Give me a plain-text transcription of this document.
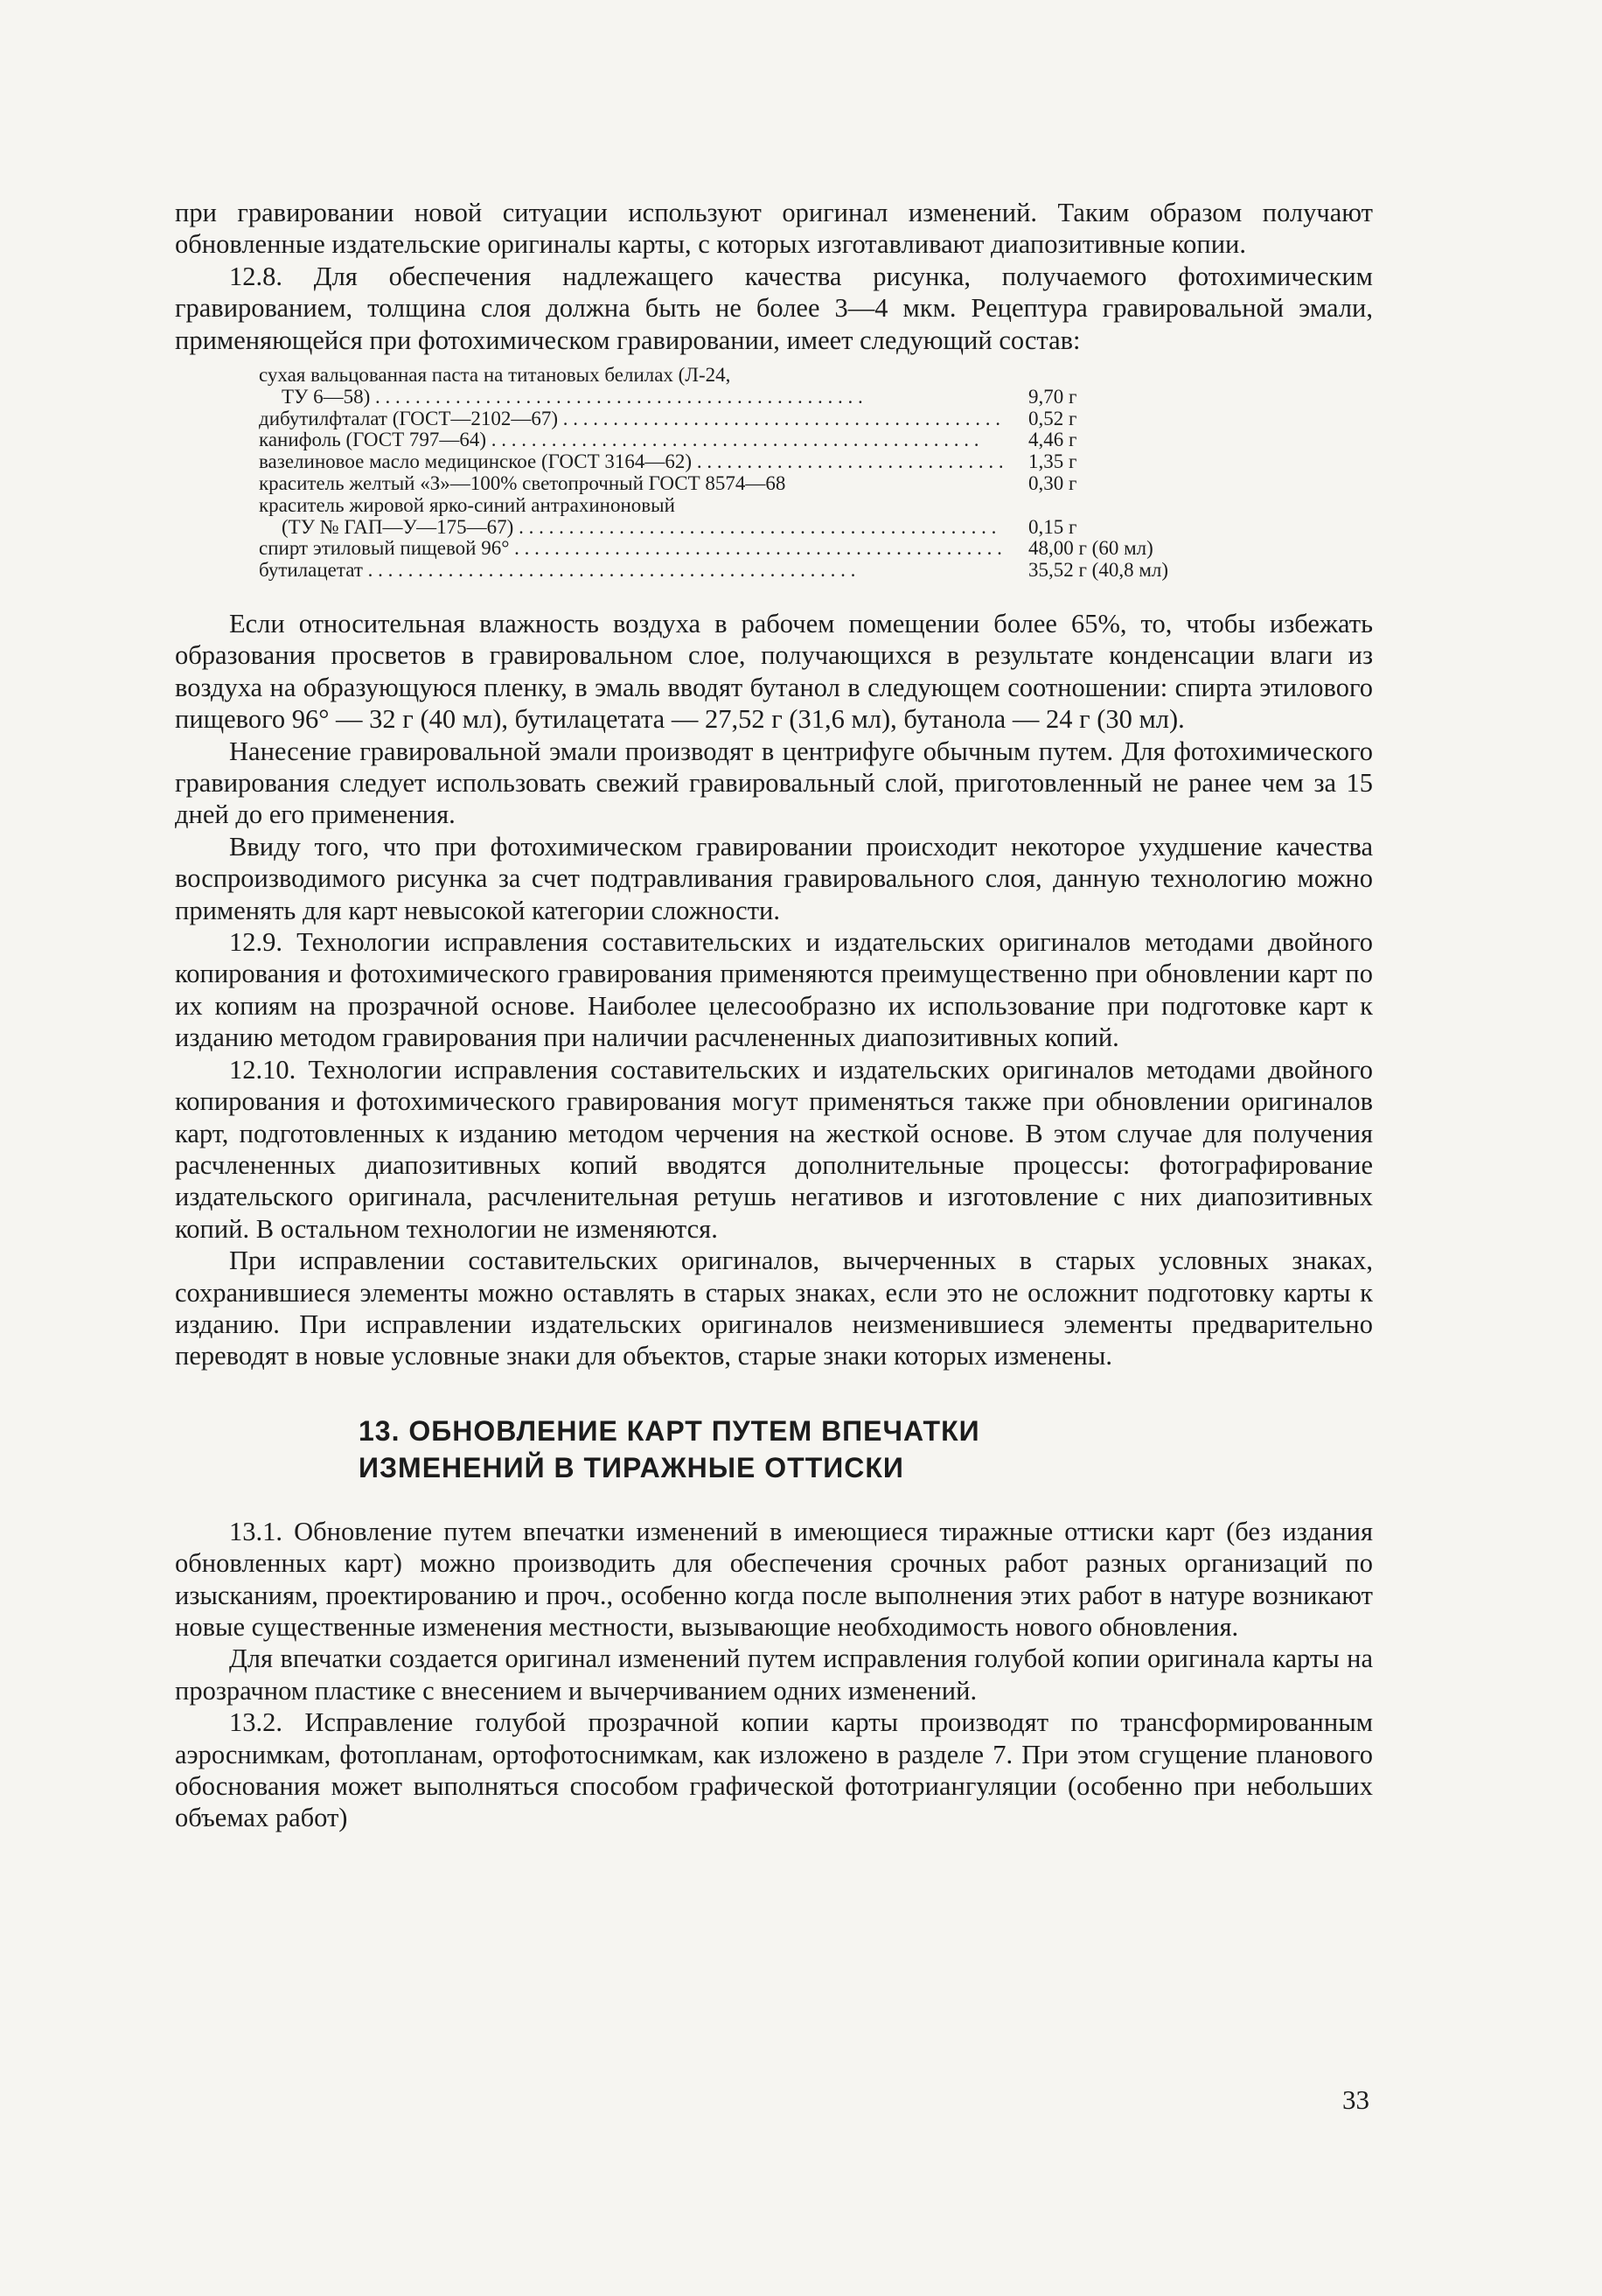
при гравировании новой ситуации используют оригинал изменений. Таким образом получают обновленные издательские оригиналы карты, с которых изготавливают диапозитивные копии.

12.8. Для обеспечения надлежащего качества рисунка, получаемого фотохимическим гравированием, толщина слоя должна быть не более 3—4 мкм. Рецептура гравировальной эмали, применяющейся при фотохимическом гравировании, имеет следующий состав:

сухая вальцованная паста на титановых белилах (Л-24,
ТУ 6—58) . . .	9,70 г
дибутилфталат (ГОСТ—2102—67) . . .	0,52 г
канифоль (ГОСТ 797—64) . . .	4,46 г
вазелиновое масло медицинское (ГОСТ 3164—62) . . .	1,35 г
краситель желтый «З»—100% светопрочный ГОСТ 8574—68	0,30 г
краситель жировой ярко-синий антрахиноновый
(ТУ № ГАП—У—175—67) . . .	0,15 г
спирт этиловый пищевой 96° . . .	48,00 г (60 мл)
бутилацетат . . .	35,52 г (40,8 мл)

Если относительная влажность воздуха в рабочем помещении более 65%, то, чтобы избежать образования просветов в гравировальном слое, получающихся в результате конденсации влаги из воздуха на образующуюся пленку, в эмаль вводят бутанол в следующем соотношении: спирта этилового пищевого 96° — 32 г (40 мл), бутилацетата — 27,52 г (31,6 мл), бутанола — 24 г (30 мл).

Нанесение гравировальной эмали производят в центрифуге обычным путем. Для фотохимического гравирования следует использовать свежий гравировальный слой, приготовленный не ранее чем за 15 дней до его применения.

Ввиду того, что при фотохимическом гравировании происходит некоторое ухудшение качества воспроизводимого рисунка за счет подтравливания гравировального слоя, данную технологию можно применять для карт невысокой категории сложности.

12.9. Технологии исправления составительских и издательских оригиналов методами двойного копирования и фотохимического гравирования применяются преимущественно при обновлении карт по их копиям на прозрачной основе. Наиболее целесообразно их использование при подготовке карт к изданию методом гравирования при наличии расчлененных диапозитивных копий.

12.10. Технологии исправления составительских и издательских оригиналов методами двойного копирования и фотохимического гравирования могут применяться также при обновлении оригиналов карт, подготовленных к изданию методом черчения на жесткой основе. В этом случае для получения расчлененных диапозитивных копий вводятся дополнительные процессы: фотографирование издательского оригинала, расчленительная ретушь негативов и изготовление с них диапозитивных копий. В остальном технологии не изменяются.

При исправлении составительских оригиналов, вычерченных в старых условных знаках, сохранившиеся элементы можно оставлять в старых знаках, если это не осложнит подготовку карты к изданию. При исправлении издательских оригиналов неизменившиеся элементы предварительно переводят в новые условные знаки для объектов, старые знаки которых изменены.

13. ОБНОВЛЕНИЕ КАРТ ПУТЕМ ВПЕЧАТКИ
ИЗМЕНЕНИЙ В ТИРАЖНЫЕ ОТТИСКИ

13.1. Обновление путем впечатки изменений в имеющиеся тиражные оттиски карт (без издания обновленных карт) можно производить для обеспечения срочных работ разных организаций по изысканиям, проектированию и проч., особенно когда после выполнения этих работ в натуре возникают новые существенные изменения местности, вызывающие необходимость нового обновления.

Для впечатки создается оригинал изменений путем исправления голубой копии оригинала карты на прозрачном пластике с внесением и вычерчиванием одних изменений.

13.2. Исправление голубой прозрачной копии карты производят по трансформированным аэроснимкам, фотопланам, ортофотоснимкам, как изложено в разделе 7. При этом сгущение планового обоснования может выполняться способом графической фототриангуляции (особенно при небольших объемах работ)

33
